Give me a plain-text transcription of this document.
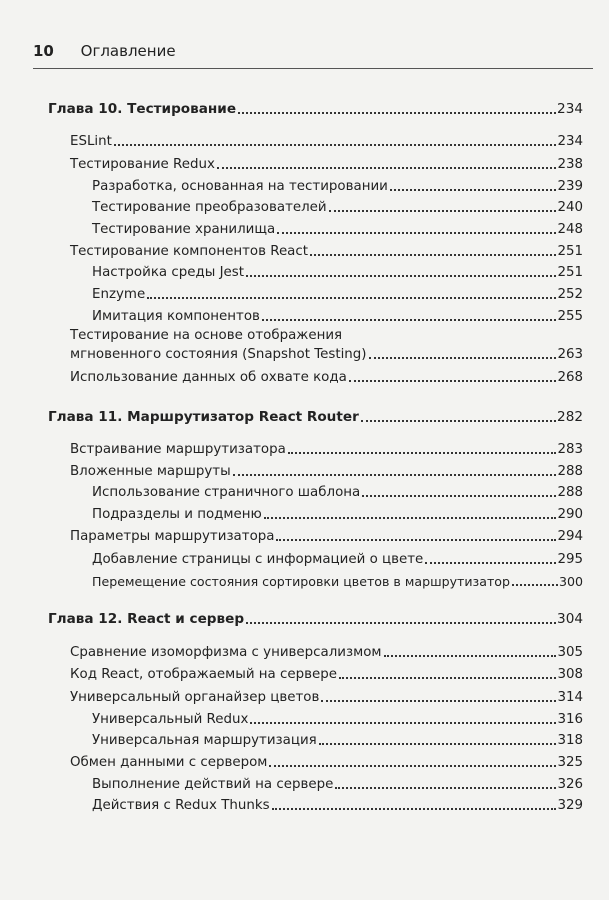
10 Оглавление
Глава 10. Тестирование	234
ESLint	234
Тестирование Redux	238
Разработка, основанная на тестировании	239
Тестирование преобразователей	240
Тестирование хранилища	248
Тестирование компонентов React	251
Настройка среды Jest	251
Enzyme	252
Имитация компонентов	255
Тестирование на основе отображения
мгновенного состояния (Snapshot Testing)	263
Использование данных об охвате кода	268
Глава 11. Маршрутизатор React Router	282
Встраивание маршрутизатора	283
Вложенные маршруты	288
Использование страничного шаблона	288
Подразделы и подменю	290
Параметры маршрутизатора	294
Добавление страницы с информацией о цвете	295
Перемещение состояния сортировки цветов в маршрутизатор	300
Глава 12. React и сервер	304
Сравнение изоморфизма с универсализмом	305
Код React, отображаемый на сервере	308
Универсальный органайзер цветов	314
Универсальный Redux	316
Универсальная маршрутизация	318
Обмен данными с сервером	325
Выполнение действий на сервере	326
Действия с Redux Thunks	329
